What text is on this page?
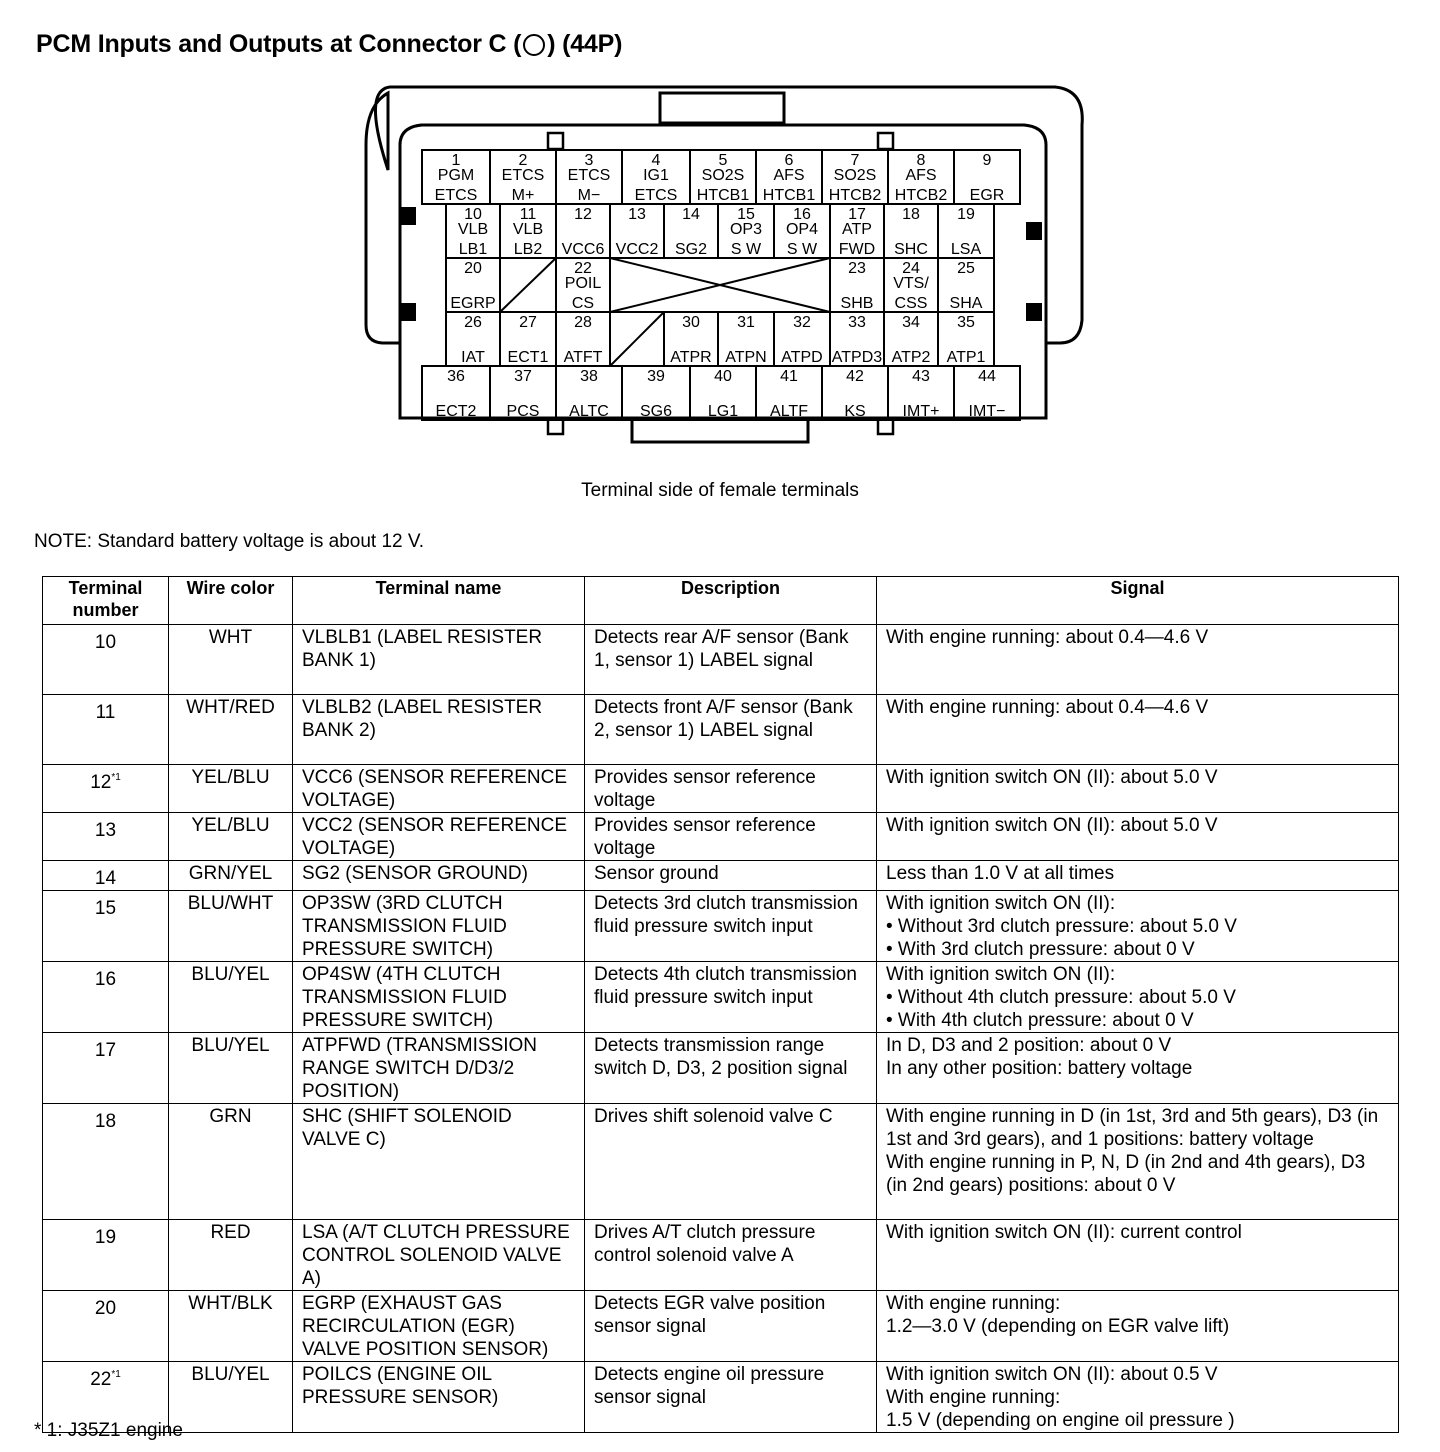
PCM Inputs and Outputs at Connector C ( ) (44P)
1
PGM
ETCS
2
ETCS
M+
3
ETCS
M−
4
IG1
ETCS
5
SO2S
HTCB1
6
AFS
HTCB1
7
SO2S
HTCB2
8
AFS
HTCB2
9
EGR
10
VLB
LB1
11
VLB
LB2
12
VCC6
13
VCC2
14
SG2
15
OP3
S W
16
OP4
S W
17
ATP
FWD
18
SHC
19
LSA
20
EGRP
22
POIL
CS
23
SHB
24
VTS/
CSS
25
SHA
26
IAT
27
ECT1
28
ATFT
30
ATPR
31
ATPN
32
ATPD
33
ATPD3
34
ATP2
35
ATP1
36
ECT2
37
PCS
38
ALTC
39
SG6
40
LG1
41
ALTF
42
KS
43
IMT+
44
IMT−
Terminal side of female terminals
NOTE: Standard battery voltage is about 12 V.
Terminal number	Wire color	Terminal name	Description	Signal
10	WHT	VLBLB1 (LABEL RESISTER BANK 1)	Detects rear A/F sensor (Bank 1, sensor 1) LABEL signal	With engine running: about 0.4—4.6 V
11	WHT/RED	VLBLB2 (LABEL RESISTER BANK 2)	Detects front A/F sensor (Bank 2, sensor 1) LABEL signal	With engine running: about 0.4—4.6 V
12$^{*1}$	YEL/BLU	VCC6 (SENSOR REFERENCE VOLTAGE)	Provides sensor reference voltage	With ignition switch ON (II): about 5.0 V
13	YEL/BLU	VCC2 (SENSOR REFERENCE VOLTAGE)	Provides sensor reference voltage	With ignition switch ON (II): about 5.0 V
14	GRN/YEL	SG2 (SENSOR GROUND)	Sensor ground	Less than 1.0 V at all times
15	BLU/WHT	OP3SW (3RD CLUTCH TRANSMISSION FLUID PRESSURE SWITCH)	Detects 3rd clutch transmission fluid pressure switch input	With ignition switch ON (II):
• Without 3rd clutch pressure: about 5.0 V
• With 3rd clutch pressure: about 0 V
16	BLU/YEL	OP4SW (4TH CLUTCH TRANSMISSION FLUID PRESSURE SWITCH)	Detects 4th clutch transmission fluid pressure switch input	With ignition switch ON (II):
• Without 4th clutch pressure: about 5.0 V
• With 4th clutch pressure: about 0 V
17	BLU/YEL	ATPFWD (TRANSMISSION RANGE SWITCH D/D3/2 POSITION)	Detects transmission range switch D, D3, 2 position signal	In D, D3 and 2 position: about 0 V
In any other position: battery voltage
18	GRN	SHC (SHIFT SOLENOID VALVE C)	Drives shift solenoid valve C	With engine running in D (in 1st, 3rd and 5th gears), D3 (in 1st and 3rd gears), and 1 positions: battery voltage
With engine running in P, N, D (in 2nd and 4th gears), D3 (in 2nd gears) positions: about 0 V
19	RED	LSA (A/T CLUTCH PRESSURE CONTROL SOLENOID VALVE A)	Drives A/T clutch pressure control solenoid valve A	With ignition switch ON (II): current control
20	WHT/BLK	EGRP (EXHAUST GAS RECIRCULATION (EGR) VALVE POSITION SENSOR)	Detects EGR valve position sensor signal	With engine running:
1.2—3.0 V (depending on EGR valve lift)
22$^{*1}$	BLU/YEL	POILCS (ENGINE OIL PRESSURE SENSOR)	Detects engine oil pressure sensor signal	With ignition switch ON (II): about 0.5 V
With engine running:
1.5 V (depending on engine oil pressure )
* 1: J35Z1 engine
